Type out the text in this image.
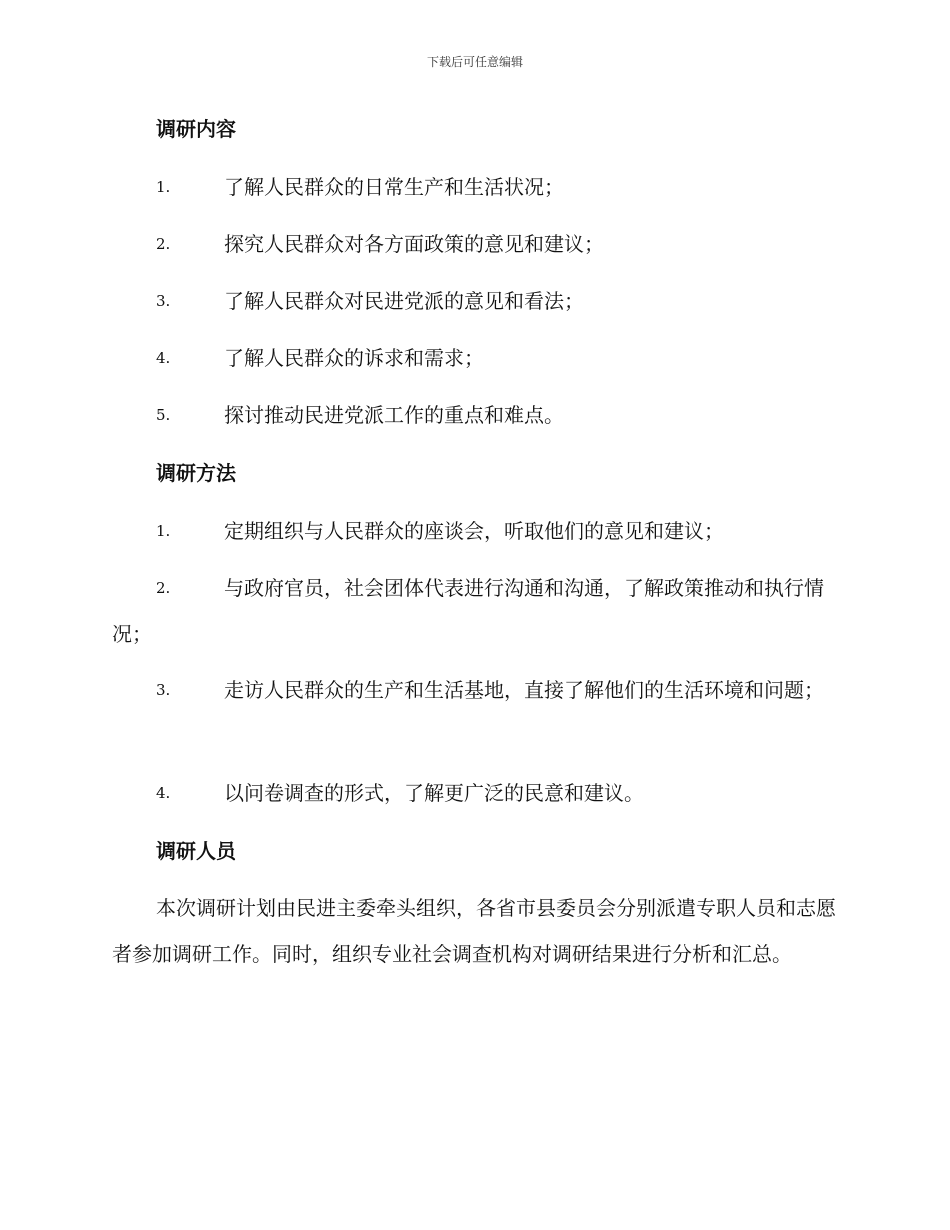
下载后可任意编辑
调研内容
1.	了解人民群众的日常生产和生活状况；
2.	探究人民群众对各方面政策的意见和建议；
3.	了解人民群众对民进党派的意见和看法；
4.	了解人民群众的诉求和需求；
5.	探讨推动民进党派工作的重点和难点。
调研方法
1.	定期组织与人民群众的座谈会，听取他们的意见和建议；
2.	与政府官员，社会团体代表进行沟通和沟通，了解政策推动和执行情况；
3.	走访人民群众的生产和生活基地，直接了解他们的生活环境和问题；
4.	以问卷调查的形式，了解更广泛的民意和建议。
调研人员

本次调研计划由民进主委牵头组织，各省市县委员会分别派遣专职人员和志愿者参加调研工作。同时，组织专业社会调查机构对调研结果进行分析和汇总。
